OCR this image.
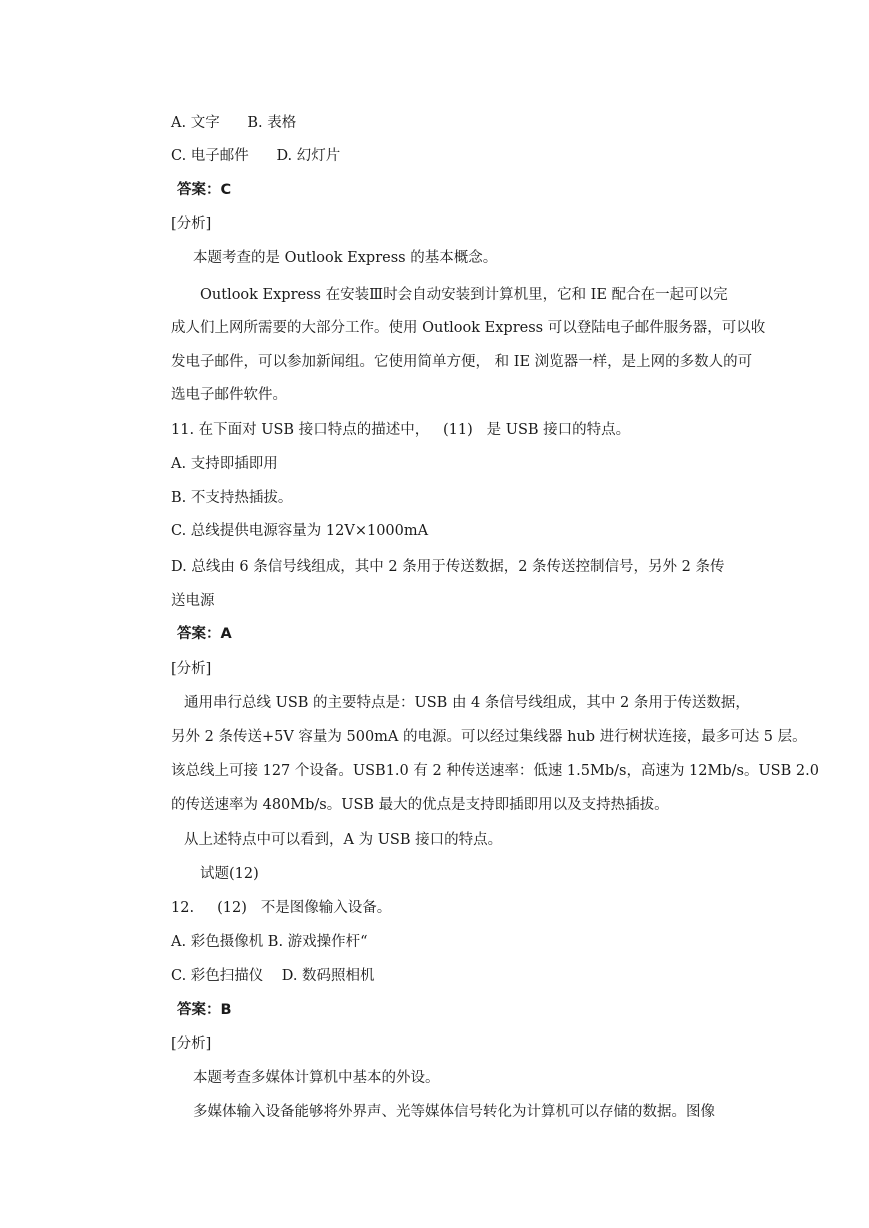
A. 文字      B. 表格
C. 电子邮件      D. 幻灯片
答案：C
[分析]
本题考查的是 Outlook Express 的基本概念。
Outlook Express 在安装Ⅲ时会自动安装到计算机里，它和 IE 配合在一起可以完
成人们上网所需要的大部分工作。使用 Outlook Express 可以登陆电子邮件服务器，可以收
发电子邮件，可以参加新闻组。它使用简单方便， 和 IE 浏览器一样，是上网的多数人的可
选电子邮件软件。
11. 在下面对 USB 接口特点的描述中，   (11)   是 USB 接口的特点。
A. 支持即插即用
B. 不支持热插拔。
C. 总线提供电源容量为 12V×1000mA
D. 总线由 6 条信号线组成，其中 2 条用于传送数据，2 条传送控制信号，另外 2 条传
送电源
答案：A
[分析]
通用串行总线 USB 的主要特点是：USB 由 4 条信号线组成，其中 2 条用于传送数据，
另外 2 条传送+5V 容量为 500mA 的电源。可以经过集线器 hub 进行树状连接，最多可达 5 层。
该总线上可接 127 个设备。USB1.0 有 2 种传送速率：低速 1.5Mb/s，高速为 12Mb/s。USB 2.0
的传送速率为 480Mb/s。USB 最大的优点是支持即插即用以及支持热插拔。
从上述特点中可以看到，A 为 USB 接口的特点。
试题(12)
12.     (12)   不是图像输入设备。
A. 彩色摄像机 B. 游戏操作杆“
C. 彩色扫描仪    D. 数码照相机
答案：B
[分析]
本题考查多媒体计算机中基本的外设。
多媒体输入设备能够将外界声、光等媒体信号转化为计算机可以存储的数据。图像
